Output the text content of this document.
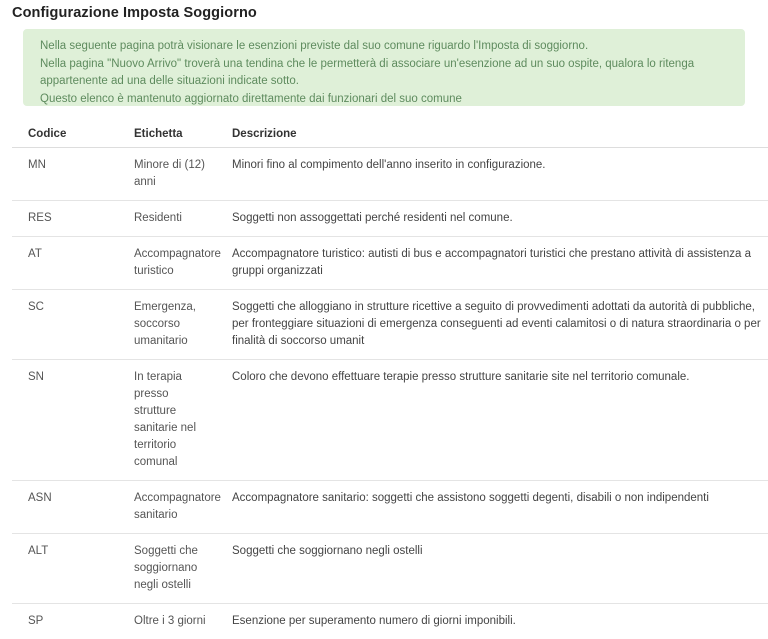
Configurazione Imposta Soggiorno
Nella seguente pagina potrà visionare le esenzioni previste dal suo comune riguardo l'Imposta di soggiorno.
Nella pagina "Nuovo Arrivo" troverà una tendina che le permetterà di associare un'esenzione ad un suo ospite, qualora lo ritenga
appartenente ad una delle situazioni indicate sotto.
Questo elenco è mantenuto aggiornato direttamente dai funzionari del suo comune
Codice	Etichetta	Descrizione
MN	Minore di (12) anni	Minori fino al compimento dell'anno inserito in configurazione.
RES	Residenti	Soggetti non assoggettati perché residenti nel comune.
AT	Accompagnatore turistico	Accompagnatore turistico: autisti di bus e accompagnatori turistici che prestano attività di assistenza a gruppi organizzati
SC	Emergenza, soccorso umanitario	Soggetti che alloggiano in strutture ricettive a seguito di provvedimenti adottati da autorità di pubbliche, per fronteggiare situazioni di emergenza conseguenti ad eventi calamitosi o di natura straordinaria o per finalità di soccorso umanit
SN	In terapia presso strutture sanitarie nel territorio comunal	Coloro che devono effettuare terapie presso strutture sanitarie site nel territorio comunale.
ASN	Accompagnatore sanitario	Accompagnatore sanitario: soggetti che assistono soggetti degenti, disabili o non indipendenti
ALT	Soggetti che soggiornano negli ostelli	Soggetti che soggiornano negli ostelli
SP	Oltre i 3 giorni	Esenzione per superamento numero di giorni imponibili.
